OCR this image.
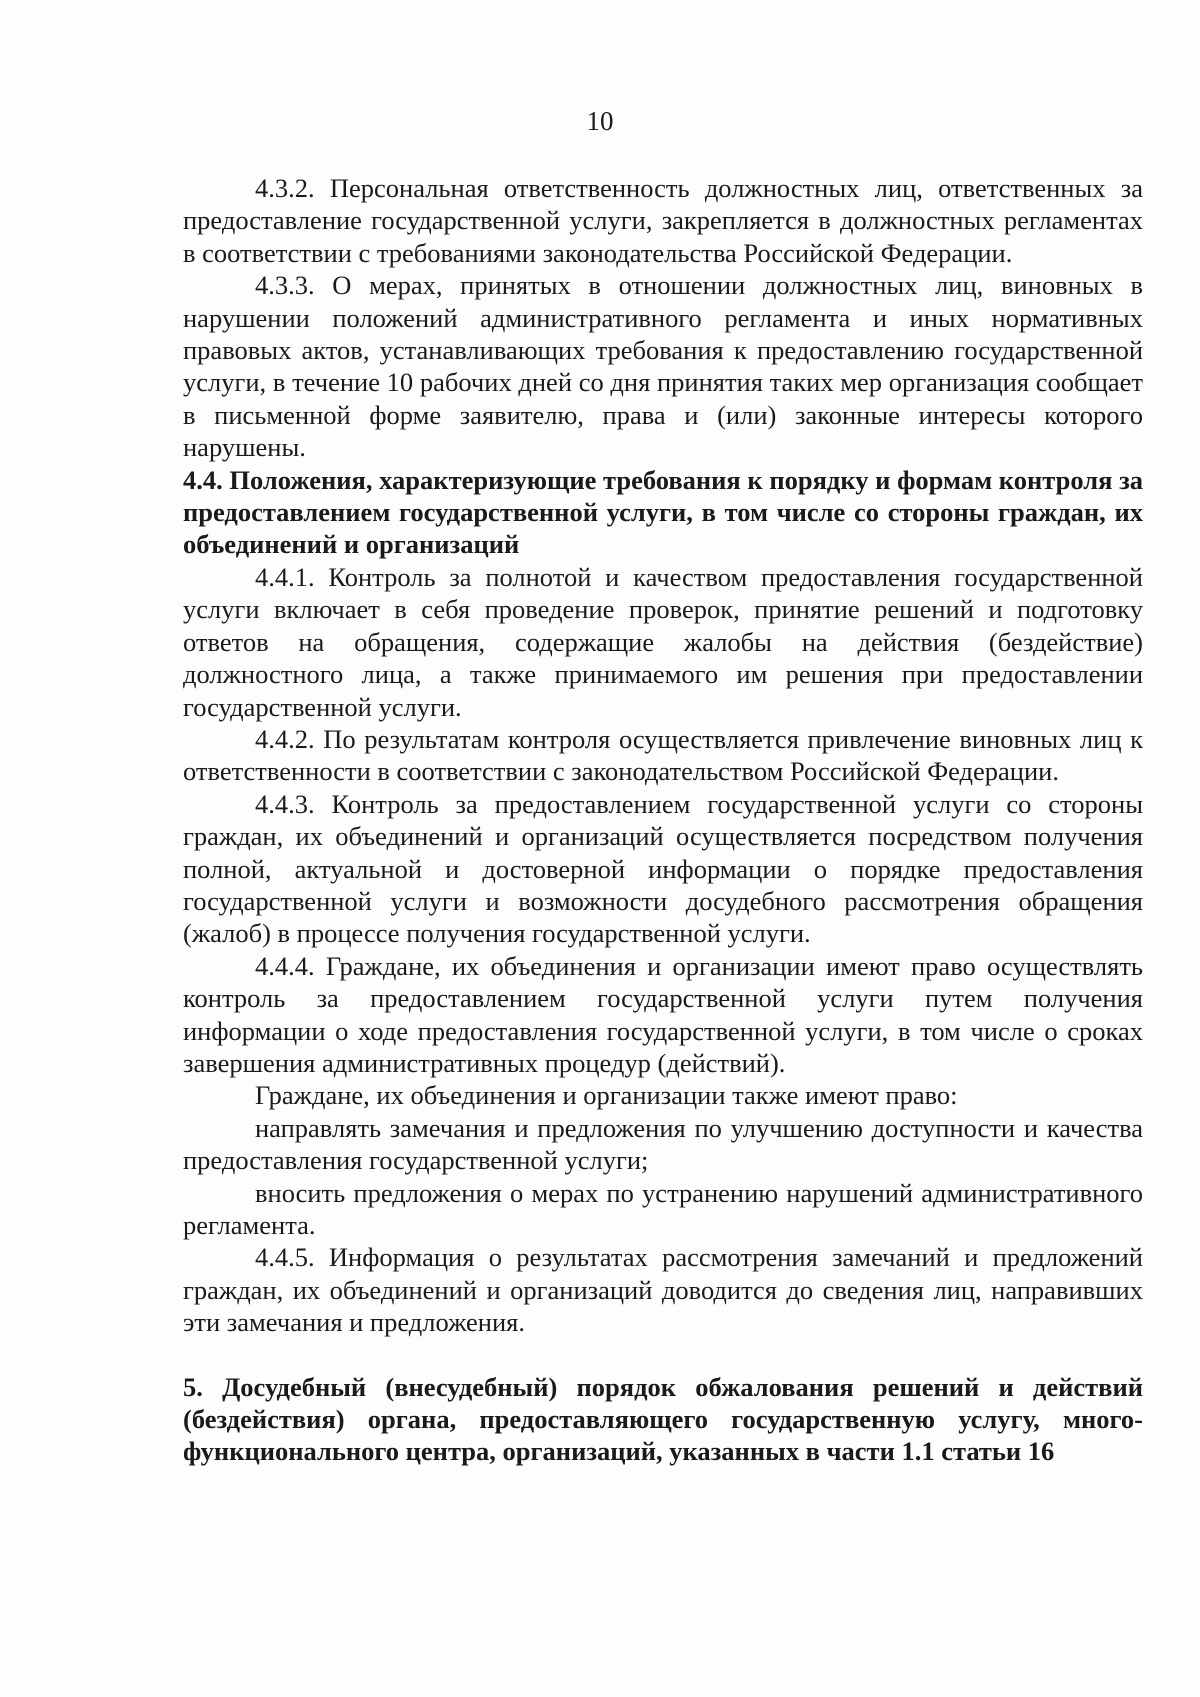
10

4.3.2. Персональная ответственность должностных лиц, ответственных за предоставление государственной услуги, закрепляется в должностных регламентах в соответствии с требованиями законодательства Российской Федерации.

4.3.3. О мерах, принятых в отношении должностных лиц, виновных в нарушении положений административного регламента и иных нормативных правовых актов, устанавливающих требования к предоставлению государственной услуги, в течение 10 рабочих дней со дня принятия таких мер организация сообщает в письменной форме заявителю, права и (или) законные интересы которого нарушены.

4.4. Положения, характеризующие требования к порядку и формам контроля за предоставлением государственной услуги, в том числе со стороны граждан, их объединений и организаций

4.4.1. Контроль за полнотой и качеством предоставления государственной услуги включает в себя проведение проверок, принятие решений и подготовку ответов на обращения, содержащие жалобы на действия (бездействие) должностного лица, а также принимаемого им решения при предоставлении государственной услуги.

4.4.2. По результатам контроля осуществляется привлечение виновных лиц к ответственности в соответствии с законодательством Российской Федерации.

4.4.3. Контроль за предоставлением государственной услуги со стороны граждан, их объединений и организаций осуществляется посредством получения полной, актуальной и достоверной информации о порядке предоставления государственной услуги и возможности досудебного рассмотрения обращения (жалоб) в процессе получения государственной услуги.

4.4.4. Граждане, их объединения и организации имеют право осуществлять контроль за предоставлением государственной услуги путем получения информации о ходе предоставления государственной услуги, в том числе о сроках завершения административных процедур (действий).

Граждане, их объединения и организации также имеют право:

направлять замечания и предложения по улучшению доступности и качества предоставления государственной услуги;

вносить предложения о мерах по устранению нарушений административного регламента.

4.4.5. Информация о результатах рассмотрения замечаний и предложений граждан, их объединений и организаций доводится до сведения лиц, направивших эти замечания и предложения.

5. Досудебный (внесудебный) порядок обжалования решений и действий (бездействия) органа, предоставляющего государственную услугу, много-функционального центра, организаций, указанных в части 1.1 статьи 16
